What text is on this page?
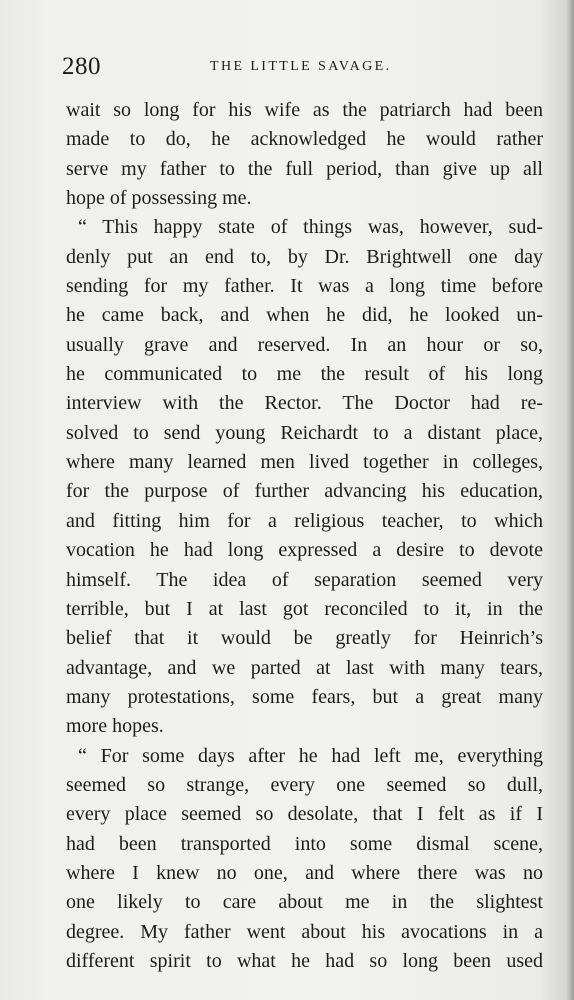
280	THE LITTLE SAVAGE.
wait so long for his wife as the patriarch had been
made to do, he acknowledged he would rather
serve my father to the full period, than give up all
hope of possessing me.
“ This happy state of things was, however, sud-
denly put an end to, by Dr. Brightwell one day
sending for my father. It was a long time before
he came back, and when he did, he looked un-
usually grave and reserved. In an hour or so,
he communicated to me the result of his long
interview with the Rector. The Doctor had re-
solved to send young Reichardt to a distant place,
where many learned men lived together in colleges,
for the purpose of further advancing his education,
and fitting him for a religious teacher, to which
vocation he had long expressed a desire to devote
himself. The idea of separation seemed very
terrible, but I at last got reconciled to it, in the
belief that it would be greatly for Heinrich’s
advantage, and we parted at last with many tears,
many protestations, some fears, but a great many
more hopes.
“ For some days after he had left me, everything
seemed so strange, every one seemed so dull,
every place seemed so desolate, that I felt as if I
had been transported into some dismal scene,
where I knew no one, and where there was no
one likely to care about me in the slightest
degree. My father went about his avocations in a
different spirit to what he had so long been used
